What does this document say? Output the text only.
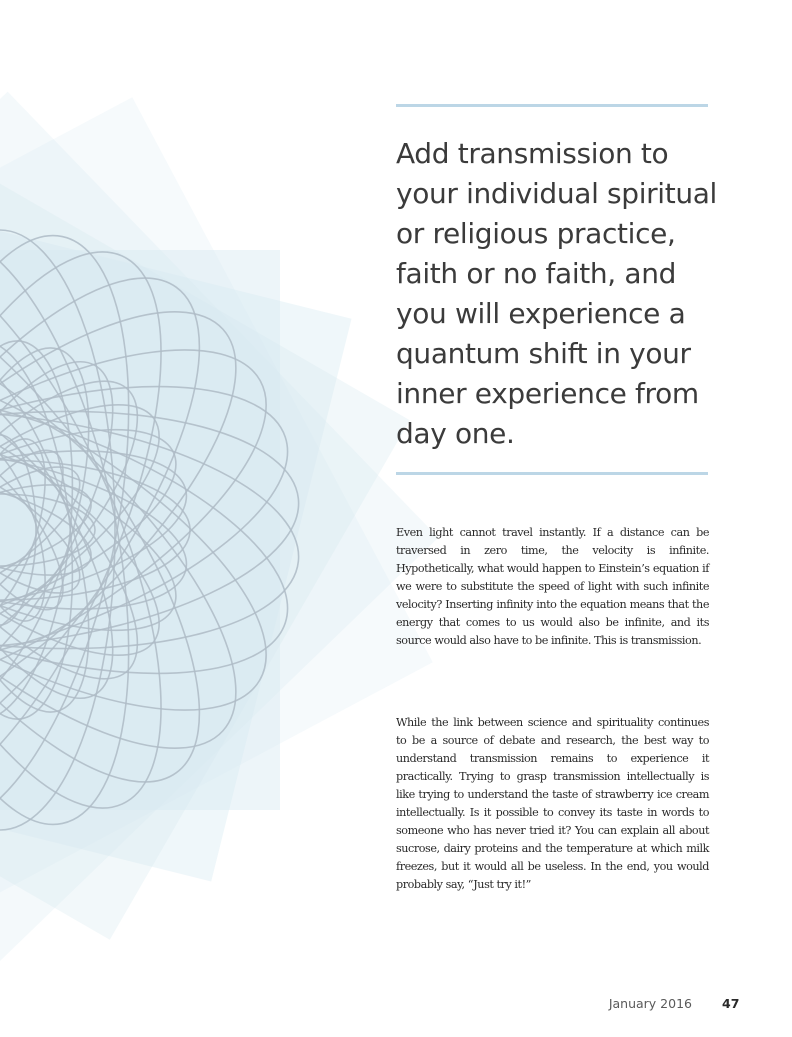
Add transmission to your individual spiritual or religious practice, faith or no faith, and you will experience a quantum shift in your inner experience from day one.

Even light cannot travel instantly. If a distance can be traversed in zero time, the velocity is infinite. Hypothetically, what would happen to Einstein’s equation if we were to substitute the speed of light with such infinite velocity? Inserting infinity into the equation means that the energy that comes to us would also be infinite, and its source would also have to be infinite. This is transmission.

While the link between science and spirituality continues to be a source of debate and research, the best way to understand transmission remains to experience it practically. Trying to grasp transmission intellectually is like trying to understand the taste of strawberry ice cream intellectually. Is it possible to convey its taste in words to someone who has never tried it? You can explain all about sucrose, dairy proteins and the temperature at which milk freezes, but it would all be useless. In the end, you would probably say, “Just try it!”

January 2016 47
